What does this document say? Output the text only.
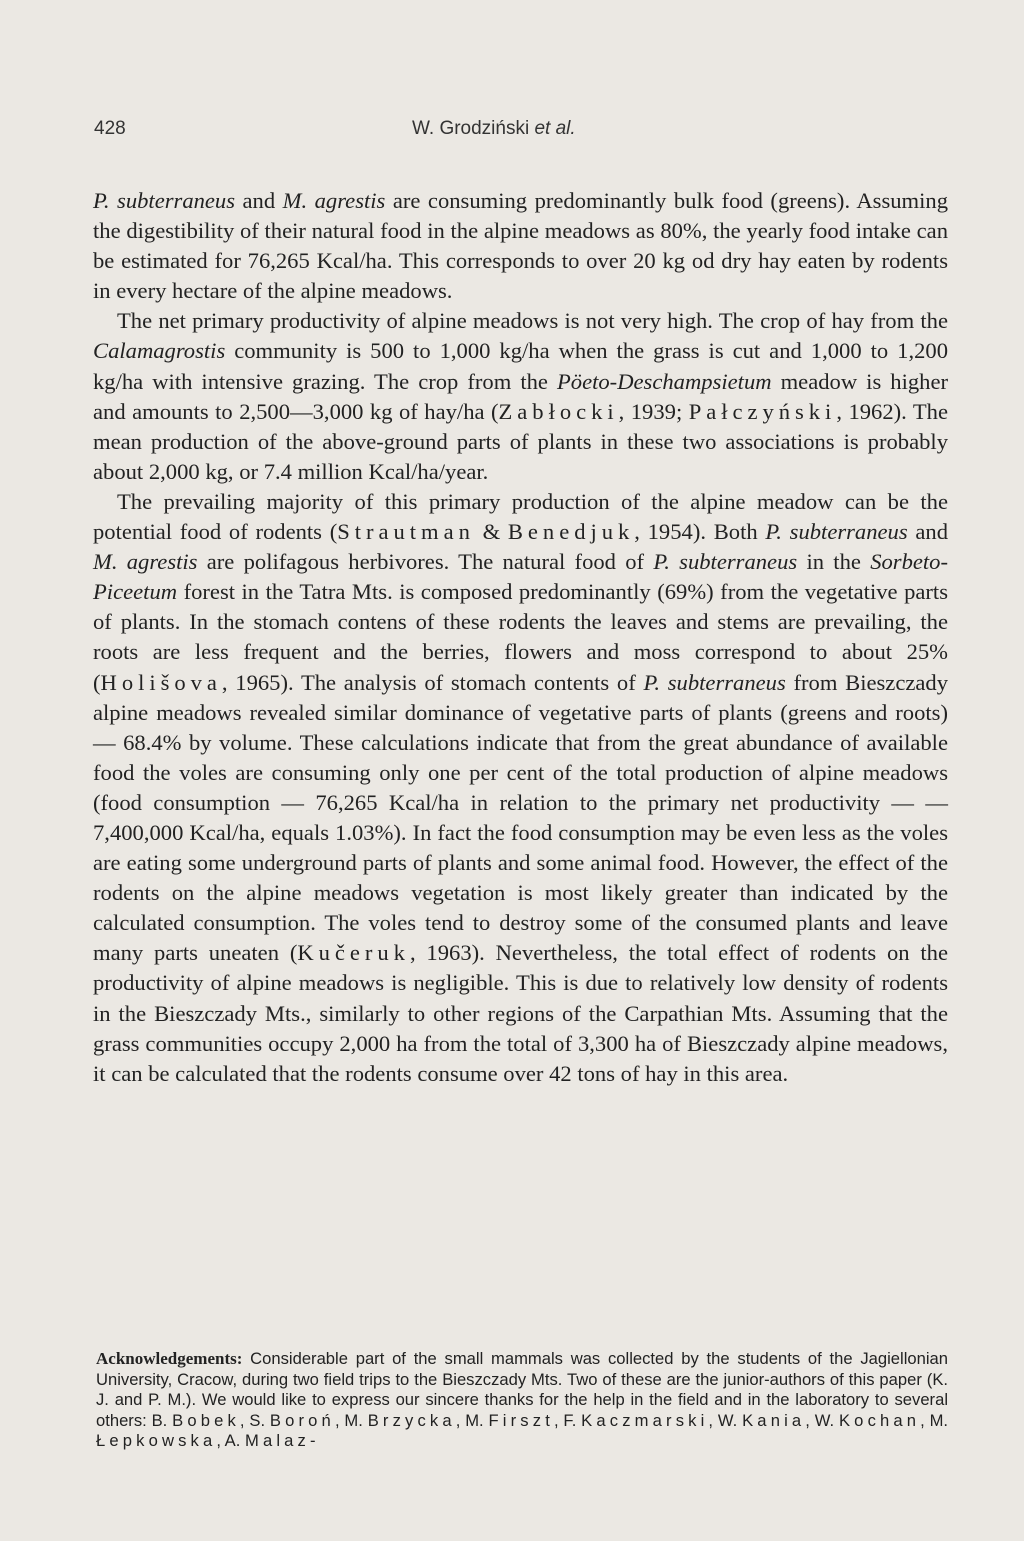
428	W. Grodziński et al.

P. subterraneus and M. agrestis are consuming predominantly bulk food (greens). Assuming the digestibility of their natural food in the alpine meadows as 80%, the yearly food intake can be estimated for 76,265 Kcal/ha. This corresponds to over 20 kg od dry hay eaten by rodents in every hectare of the alpine meadows.

The net primary productivity of alpine meadows is not very high. The crop of hay from the Calamagrostis community is 500 to 1,000 kg/ha when the grass is cut and 1,000 to 1,200 kg/ha with intensive grazing. The crop from the Pöeto-Deschampsietum meadow is higher and amounts to 2,500—3,000 kg of hay/ha (Zabłocki, 1939; Pałczyński, 1962). The mean production of the above-ground parts of plants in these two associations is probably about 2,000 kg, or 7.4 million Kcal/ha/year.

The prevailing majority of this primary production of the alpine meadow can be the potential food of rodents (Strautman & Benedjuk, 1954). Both P. subterraneus and M. agrestis are polifagous herbivores. The natural food of P. subterraneus in the Sorbeto-Piceetum forest in the Tatra Mts. is composed predominantly (69%) from the vegetative parts of plants. In the stomach contens of these rodents the leaves and stems are prevailing, the roots are less frequent and the berries, flowers and moss correspond to about 25% (Holišova, 1965). The analysis of stomach contents of P. subterraneus from Bieszczady alpine meadows revealed similar dominance of vegetative parts of plants (greens and roots) — 68.4% by volume. These calculations indicate that from the great abundance of available food the voles are consuming only one per cent of the total production of alpine meadows (food consumption — 76,265 Kcal/ha in relation to the primary net productivity — — 7,400,000 Kcal/ha, equals 1.03%). In fact the food consumption may be even less as the voles are eating some underground parts of plants and some animal food. However, the effect of the rodents on the alpine meadows vegetation is most likely greater than indicated by the calculated consumption. The voles tend to destroy some of the consumed plants and leave many parts uneaten (Kučeruk, 1963). Nevertheless, the total effect of rodents on the productivity of alpine meadows is negligible. This is due to relatively low density of rodents in the Bieszczady Mts., similarly to other regions of the Carpathian Mts. Assuming that the grass communities occupy 2,000 ha from the total of 3,300 ha of Bieszczady alpine meadows, it can be calculated that the rodents consume over 42 tons of hay in this area.

Acknowledgements: Considerable part of the small mammals was collected by the students of the Jagiellonian University, Cracow, during two field trips to the Bieszczady Mts. Two of these are the junior-authors of this paper (K. J. and P. M.). We would like to express our sincere thanks for the help in the field and in the laboratory to several others: B. Bobek, S. Boroń, M. Brzycka, M. Firszt, F. Kaczmarski, W. Kania, W. Kochan, M. Łepkowska, A. Malaz-
